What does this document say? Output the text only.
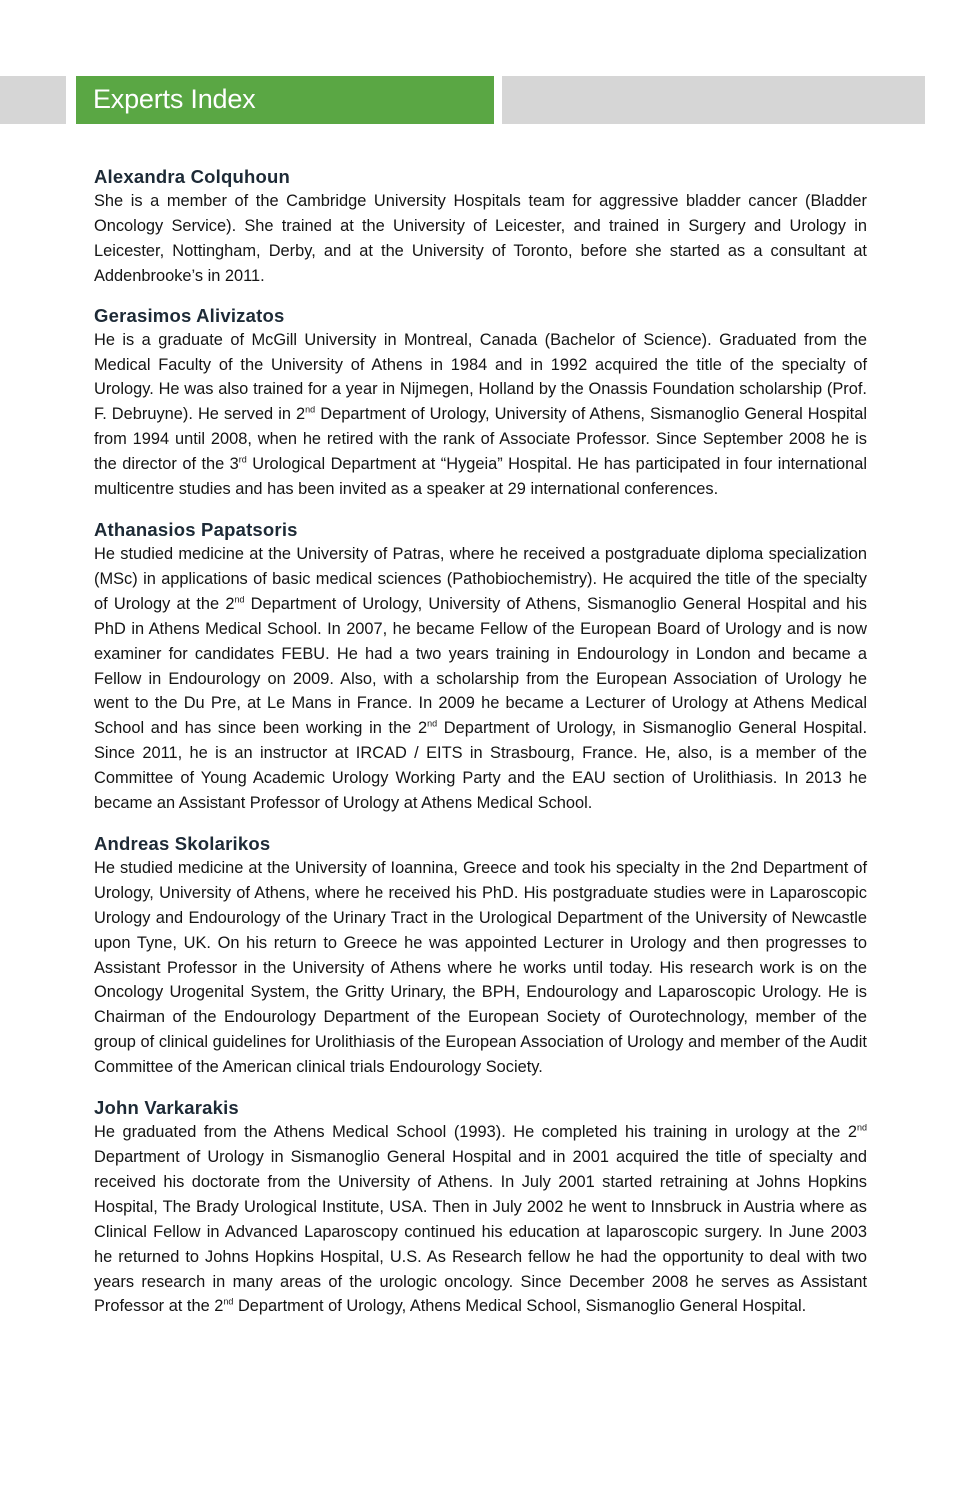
Experts Index
Alexandra Colquhoun

She is a member of the Cambridge University Hospitals team for aggressive bladder cancer (Bladder Oncology Service). She trained at the University of Leicester, and trained in Surgery and Urology in Leicester, Nottingham, Derby, and at the University of Toronto, before she started as a consultant at Addenbrooke’s in 2011.

Gerasimos Alivizatos

He is a graduate of McGill University in Montreal, Canada (Bachelor of Science). Graduated from the Medical Faculty of the University of Athens in 1984 and in 1992 acquired the title of the specialty of Urology. He was also trained for a year in Nijmegen, Holland by the Onassis Foundation scholarship (Prof. F. Debruyne). He served in 2nd Department of Urology, University of Athens, Sismanoglio General Hospital from 1994 until 2008, when he retired with the rank of Associate Professor. Since September 2008 he is the director of the 3rd Urological Department at “Hygeia” Hospital. He has participated in four international multicentre studies and has been invited as a speaker at 29 international conferences.

Athanasios Papatsoris

He studied medicine at the University of Patras, where he received a postgraduate diploma specialization (MSc) in applications of basic medical sciences (Pathobiochemistry). He acquired the title of the specialty of Urology at the 2nd Department of Urology, University of Athens, Sismanoglio General Hospital and his PhD in Athens Medical School. In 2007, he became Fellow of the European Board of Urology and is now examiner for candidates FEBU. He had a two years training in Endourology in London and became a Fellow in Endourology on 2009. Also, with a scholarship from the European Association of Urology he went to the Du Pre, at Le Mans in France. In 2009 he became a Lecturer of Urology at Athens Medical School and has since been working in the 2nd Department of Urology, in Sismanoglio General Hospital. Since 2011, he is an instructor at IRCAD / EITS in Strasbourg, France. He, also, is a member of the Committee of Young Academic Urology Working Party and the EAU section of Urolithiasis. In 2013 he became an Assistant Professor of Urology at Athens Medical School.

Andreas Skolarikos

He studied medicine at the University of Ioannina, Greece and took his specialty in the 2nd Department of Urology, University of Athens, where he received his PhD. His postgraduate studies were in Laparoscopic Urology and Endourology of the Urinary Tract in the Urological Department of the University of Newcastle upon Tyne, UK. On his return to Greece he was appointed Lecturer in Urology and then progresses to Assistant Professor in the University of Athens where he works until today. His research work is on the Oncology Urogenital System, the Gritty Urinary, the BPH, Endourology and Laparoscopic Urology. He is Chairman of the Endourology Department of the European Society of Ourotechnology, member of the group of clinical guidelines for Urolithiasis of the European Association of Urology and member of the Audit Committee of the American clinical trials Endourology Society.

John Varkarakis

He graduated from the Athens Medical School (1993). He completed his training in urology at the 2nd Department of Urology in Sismanoglio General Hospital and in 2001 acquired the title of specialty and received his doctorate from the University of Athens. In July 2001 started retraining at Johns Hopkins Hospital, The Brady Urological Institute, USA. Then in July 2002 he went to Innsbruck in Austria where as Clinical Fellow in Advanced Laparoscopy continued his education at laparoscopic surgery. In June 2003 he returned to Johns Hopkins Hospital, U.S. As Research fellow he had the opportunity to deal with two years research in many areas of the urologic oncology. Since December 2008 he serves as Assistant Professor at the 2nd Department of Urology, Athens Medical School, Sismanoglio General Hospital.
